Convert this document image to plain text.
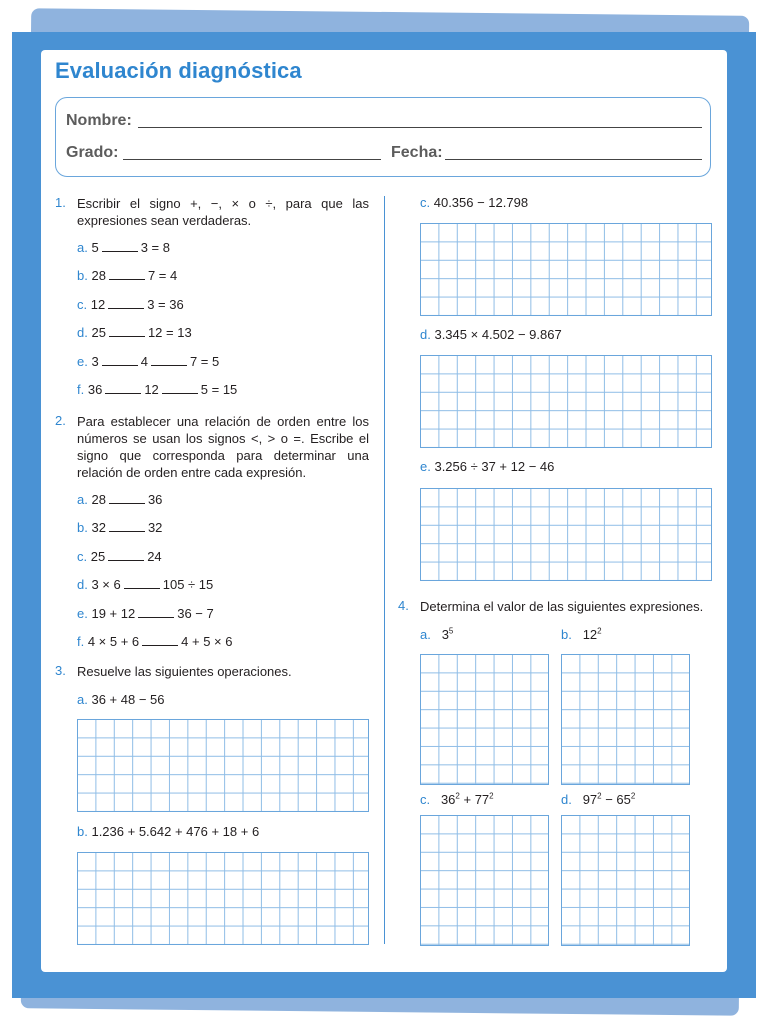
Evaluación diagnóstica
Nombre:
Grado:	Fecha:
1. Escribir el signo +, −, × o ÷, para que las expresiones sean verdaderas.
a. 5	3 = 8
b. 28	7 = 4
c. 12	3 = 36
d. 25	12 = 13
e. 3	4	7 = 5
f. 36	12	5 = 15
2. Para establecer una relación de orden entre los números se usan los signos <, > o =. Escribe el signo que corresponda para determinar una relación de orden entre cada expresión.
a. 28	36
b. 32	32
c. 25	24
d. 3 × 6	105 ÷ 15
e. 19 + 12	36 − 7
f. 4 × 5 + 6	4 + 5 × 6
3. Resuelve las siguientes operaciones.
a. 36 + 48 − 56
b. 1.236 + 5.642 + 476 + 18 + 6
c. 40.356 − 12.798
d. 3.345 × 4.502 − 9.867
e. 3.256 ÷ 37 + 12 − 46
4. Determina el valor de las siguientes expresiones.
a.   $3^5$	b.   $12^2$
c.   $36^2 + 77^2$	d.   $97^2 - 65^2$
